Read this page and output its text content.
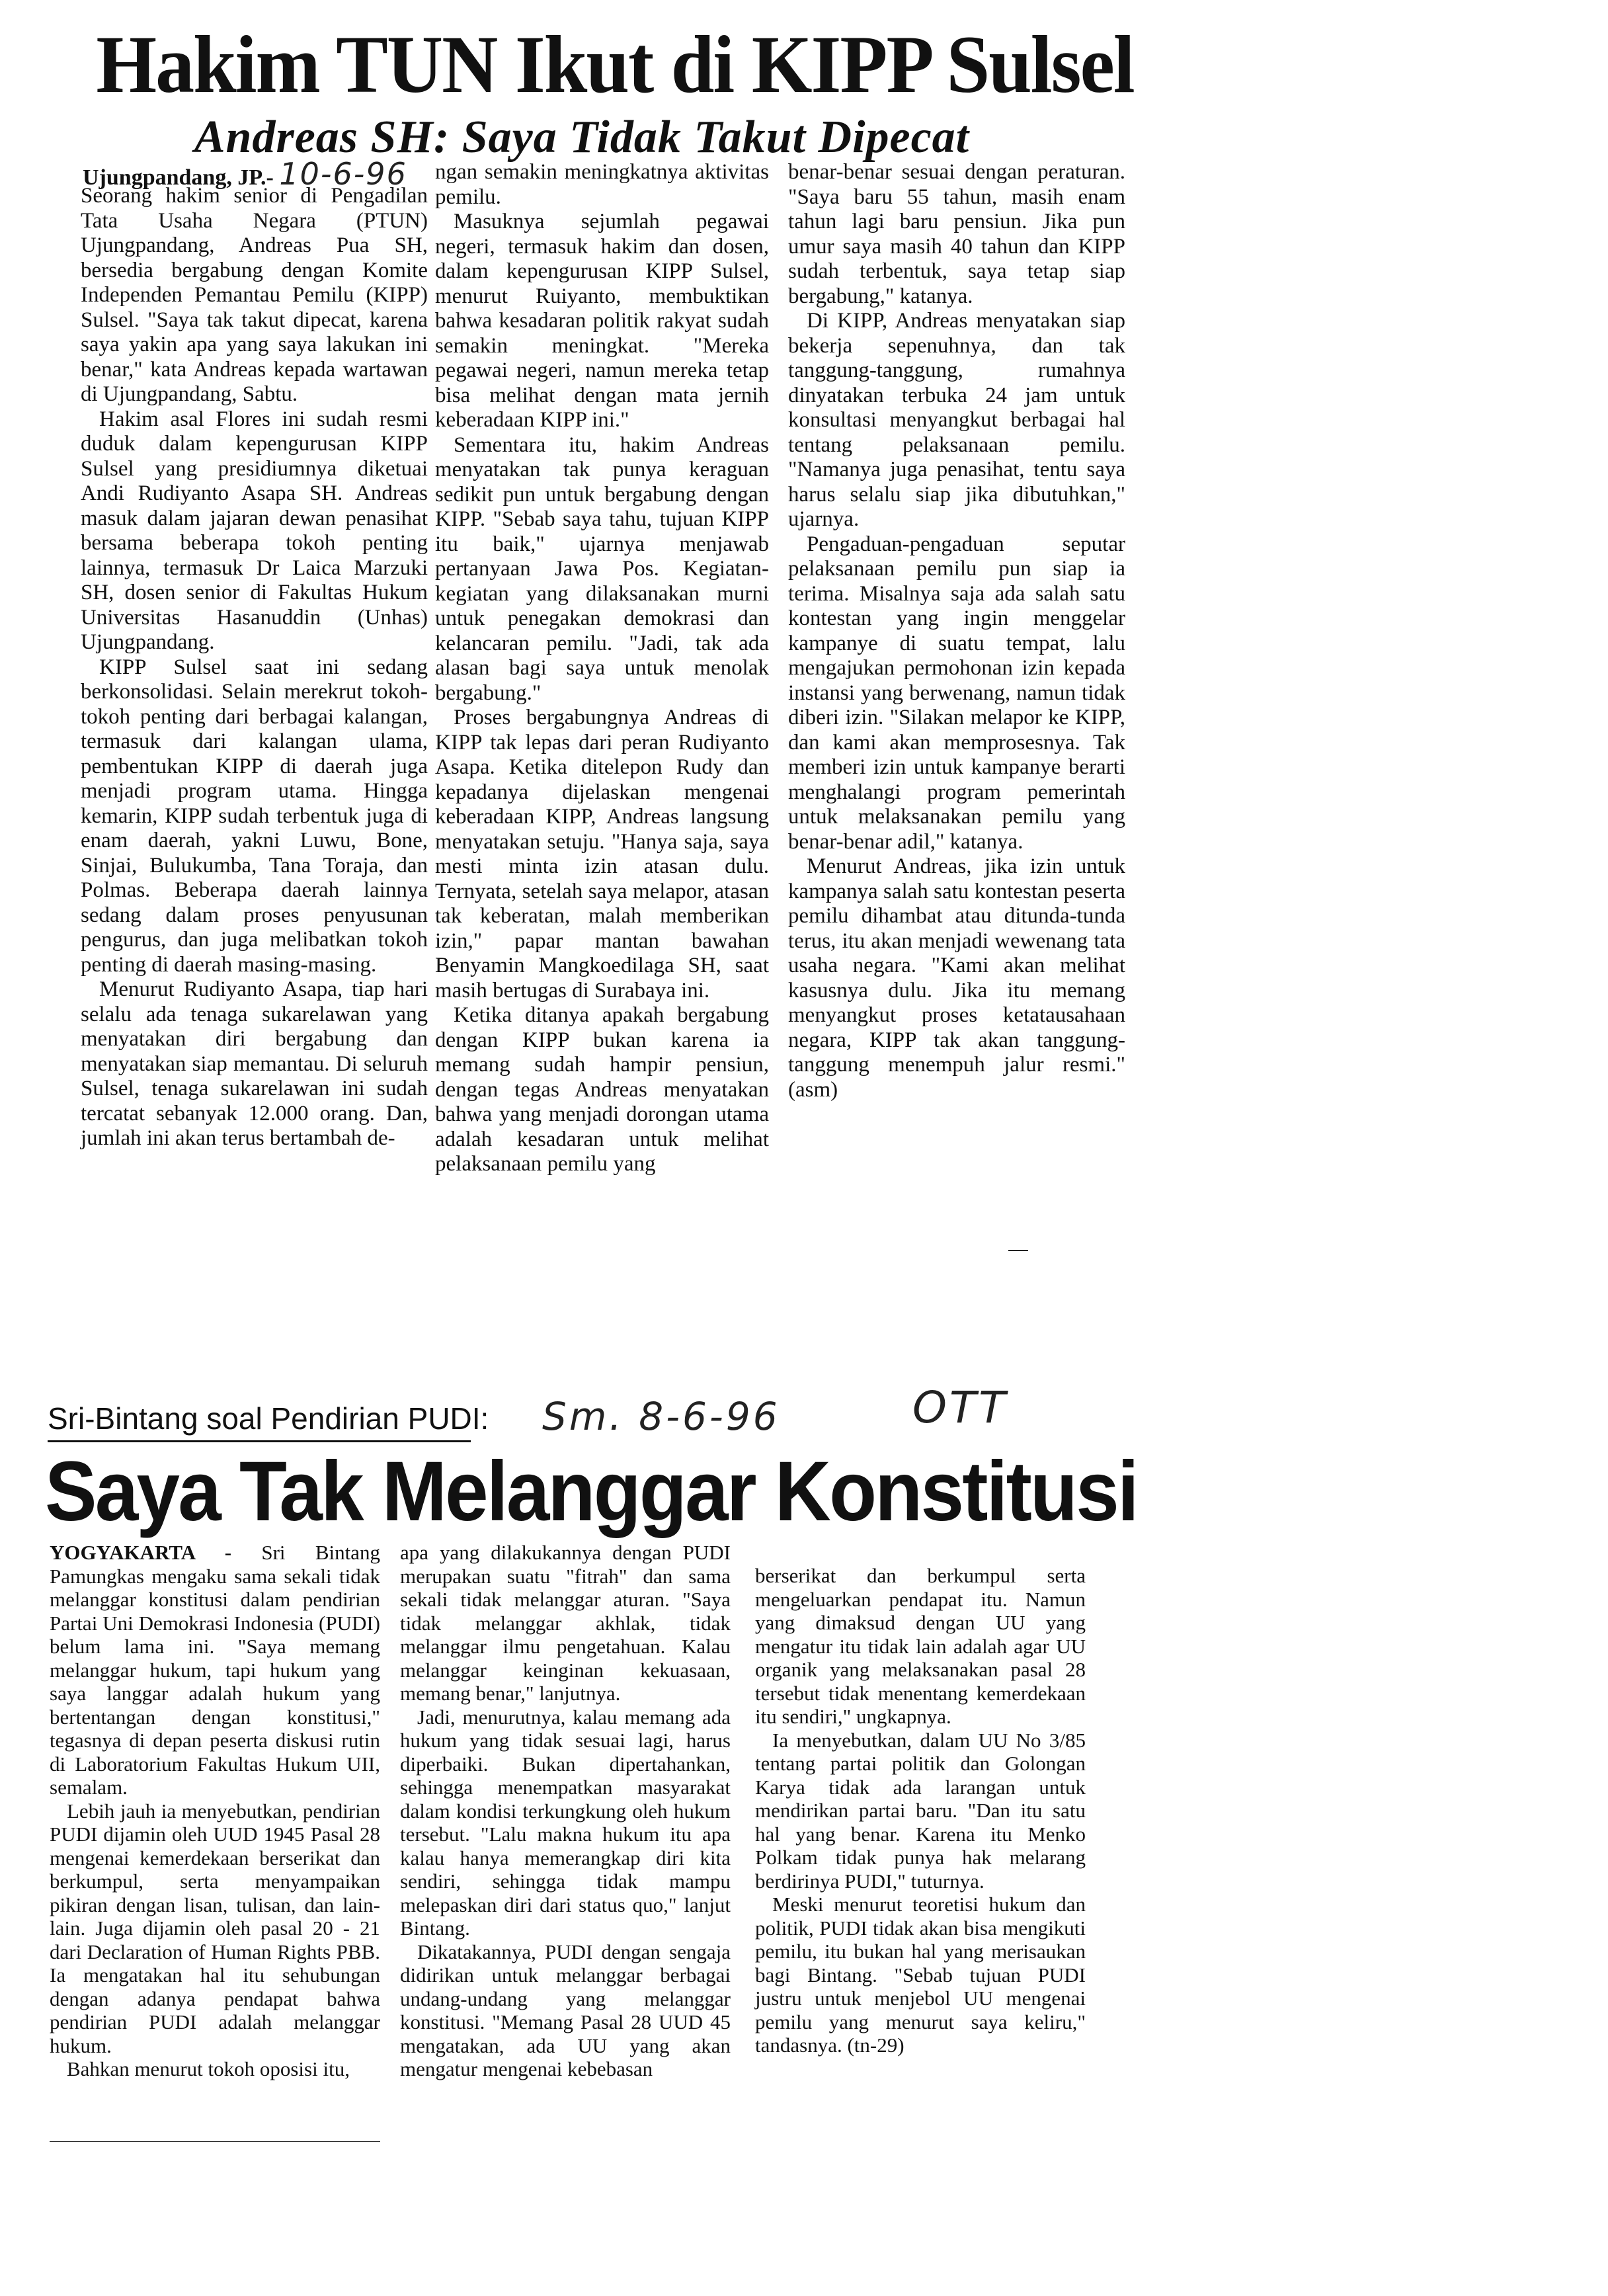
Hakim TUN Ikut di KIPP Sulsel
Andreas SH: Saya Tidak Takut Dipecat
Ujungpandang, JP.- 10-6-96

Seorang hakim senior di Pengadilan Tata Usaha Negara (PTUN) Ujungpandang, Andreas Pua SH, bersedia bergabung dengan Komite Independen Pemantau Pemilu (KIPP) Sulsel. "Saya tak takut dipecat, karena saya yakin apa yang saya lakukan ini benar," kata Andreas kepada wartawan di Ujungpandang, Sabtu.

Hakim asal Flores ini sudah resmi duduk dalam kepengurusan KIPP Sulsel yang presidiumnya diketuai Andi Rudiyanto Asapa SH. Andreas masuk dalam jajaran dewan penasihat bersama beberapa tokoh penting lainnya, termasuk Dr Laica Marzuki SH, dosen senior di Fakultas Hukum Universitas Hasanuddin (Unhas) Ujungpandang.

KIPP Sulsel saat ini sedang berkonsolidasi. Selain merekrut tokoh-tokoh penting dari berbagai kalangan, termasuk dari kalangan ulama, pembentukan KIPP di daerah juga menjadi program utama. Hingga kemarin, KIPP sudah terbentuk juga di enam daerah, yakni Luwu, Bone, Sinjai, Bulukumba, Tana Toraja, dan Polmas. Beberapa daerah lainnya sedang dalam proses penyusunan pengurus, dan juga melibatkan tokoh penting di daerah masing-masing.

Menurut Rudiyanto Asapa, tiap hari selalu ada tenaga sukarelawan yang menyatakan diri bergabung dan menyatakan siap memantau. Di seluruh Sulsel, tenaga sukarelawan ini sudah tercatat sebanyak 12.000 orang. Dan, jumlah ini akan terus bertambah de-

ngan semakin meningkatnya aktivitas pemilu.

Masuknya sejumlah pegawai negeri, termasuk hakim dan dosen, dalam kepengurusan KIPP Sulsel, menurut Ruiyanto, membuktikan bahwa kesadaran politik rakyat sudah semakin meningkat. "Mereka pegawai negeri, namun mereka tetap bisa melihat dengan mata jernih keberadaan KIPP ini."

Sementara itu, hakim Andreas menyatakan tak punya keraguan sedikit pun untuk bergabung dengan KIPP. "Sebab saya tahu, tujuan KIPP itu baik," ujarnya menjawab pertanyaan Jawa Pos. Kegiatan-kegiatan yang dilaksanakan murni untuk penegakan demokrasi dan kelancaran pemilu. "Jadi, tak ada alasan bagi saya untuk menolak bergabung."

Proses bergabungnya Andreas di KIPP tak lepas dari peran Rudiyanto Asapa. Ketika ditelepon Rudy dan kepadanya dijelaskan mengenai keberadaan KIPP, Andreas langsung menyatakan setuju. "Hanya saja, saya mesti minta izin atasan dulu. Ternyata, setelah saya melapor, atasan tak keberatan, malah memberikan izin," papar mantan bawahan Benyamin Mangkoedilaga SH, saat masih bertugas di Surabaya ini.

Ketika ditanya apakah bergabung dengan KIPP bukan karena ia memang sudah hampir pensiun, dengan tegas Andreas menyatakan bahwa yang menjadi dorongan utama adalah kesadaran untuk melihat pelaksanaan pemilu yang

benar-benar sesuai dengan peraturan. "Saya baru 55 tahun, masih enam tahun lagi baru pensiun. Jika pun umur saya masih 40 tahun dan KIPP sudah terbentuk, saya tetap siap bergabung," katanya.

Di KIPP, Andreas menyatakan siap bekerja sepenuhnya, dan tak tanggung-tanggung, rumahnya dinyatakan terbuka 24 jam untuk konsultasi menyangkut berbagai hal tentang pelaksanaan pemilu. "Namanya juga penasihat, tentu saya harus selalu siap jika dibutuhkan," ujarnya.

Pengaduan-pengaduan seputar pelaksanaan pemilu pun siap ia terima. Misalnya saja ada salah satu kontestan yang ingin menggelar kampanye di suatu tempat, lalu mengajukan permohonan izin kepada instansi yang berwenang, namun tidak diberi izin. "Silakan melapor ke KIPP, dan kami akan memprosesnya. Tak memberi izin untuk kampanye berarti menghalangi program pemerintah untuk melaksanakan pemilu yang benar-benar adil," katanya.

Menurut Andreas, jika izin untuk kampanya salah satu kontestan peserta pemilu dihambat atau ditunda-tunda terus, itu akan menjadi wewenang tata usaha negara. "Kami akan melihat kasusnya dulu. Jika itu memang menyangkut proses ketatausahaan negara, KIPP tak akan tanggung-tanggung menempuh jalur resmi." (asm)

Sri-Bintang soal Pendirian PUDI: Sm. 8-6-96	OTT
Saya Tak Melanggar Konstitusi

YOGYAKARTA - Sri Bintang Pamungkas mengaku sama sekali tidak melanggar konstitusi dalam pendirian Partai Uni Demokrasi Indonesia (PUDI) belum lama ini. "Saya memang melanggar hukum, tapi hukum yang saya langgar adalah hukum yang bertentangan dengan konstitusi," tegasnya di depan peserta diskusi rutin di Laboratorium Fakultas Hukum UII, semalam.

Lebih jauh ia menyebutkan, pendirian PUDI dijamin oleh UUD 1945 Pasal 28 mengenai kemerdekaan berserikat dan berkumpul, serta menyampaikan pikiran dengan lisan, tulisan, dan lain-lain. Juga dijamin oleh pasal 20 - 21 dari Declaration of Human Rights PBB. Ia mengatakan hal itu sehubungan dengan adanya pendapat bahwa pendirian PUDI adalah melanggar hukum.

Bahkan menurut tokoh oposisi itu,

apa yang dilakukannya dengan PUDI merupakan suatu "fitrah" dan sama sekali tidak melanggar aturan. "Saya tidak melanggar akhlak, tidak melanggar ilmu pengetahuan. Kalau melanggar keinginan kekuasaan, memang benar," lanjutnya.

Jadi, menurutnya, kalau memang ada hukum yang tidak sesuai lagi, harus diperbaiki. Bukan dipertahankan, sehingga menempatkan masyarakat dalam kondisi terkungkung oleh hukum tersebut. "Lalu makna hukum itu apa kalau hanya memerangkap diri kita sendiri, sehingga tidak mampu melepaskan diri dari status quo," lanjut Bintang.

Dikatakannya, PUDI dengan sengaja didirikan untuk melanggar berbagai undang-undang yang melanggar konstitusi. "Memang Pasal 28 UUD 45 mengatakan, ada UU yang akan mengatur mengenai kebebasan

berserikat dan berkumpul serta mengeluarkan pendapat itu. Namun yang dimaksud dengan UU yang mengatur itu tidak lain adalah agar UU organik yang melaksanakan pasal 28 tersebut tidak menentang kemerdekaan itu sendiri," ungkapnya.

Ia menyebutkan, dalam UU No 3/85 tentang partai politik dan Golongan Karya tidak ada larangan untuk mendirikan partai baru. "Dan itu satu hal yang benar. Karena itu Menko Polkam tidak punya hak melarang berdirinya PUDI," tuturnya.

Meski menurut teoretisi hukum dan politik, PUDI tidak akan bisa mengikuti pemilu, itu bukan hal yang merisaukan bagi Bintang. "Sebab tujuan PUDI justru untuk menjebol UU mengenai pemilu yang menurut saya keliru," tandasnya. (tn-29)
